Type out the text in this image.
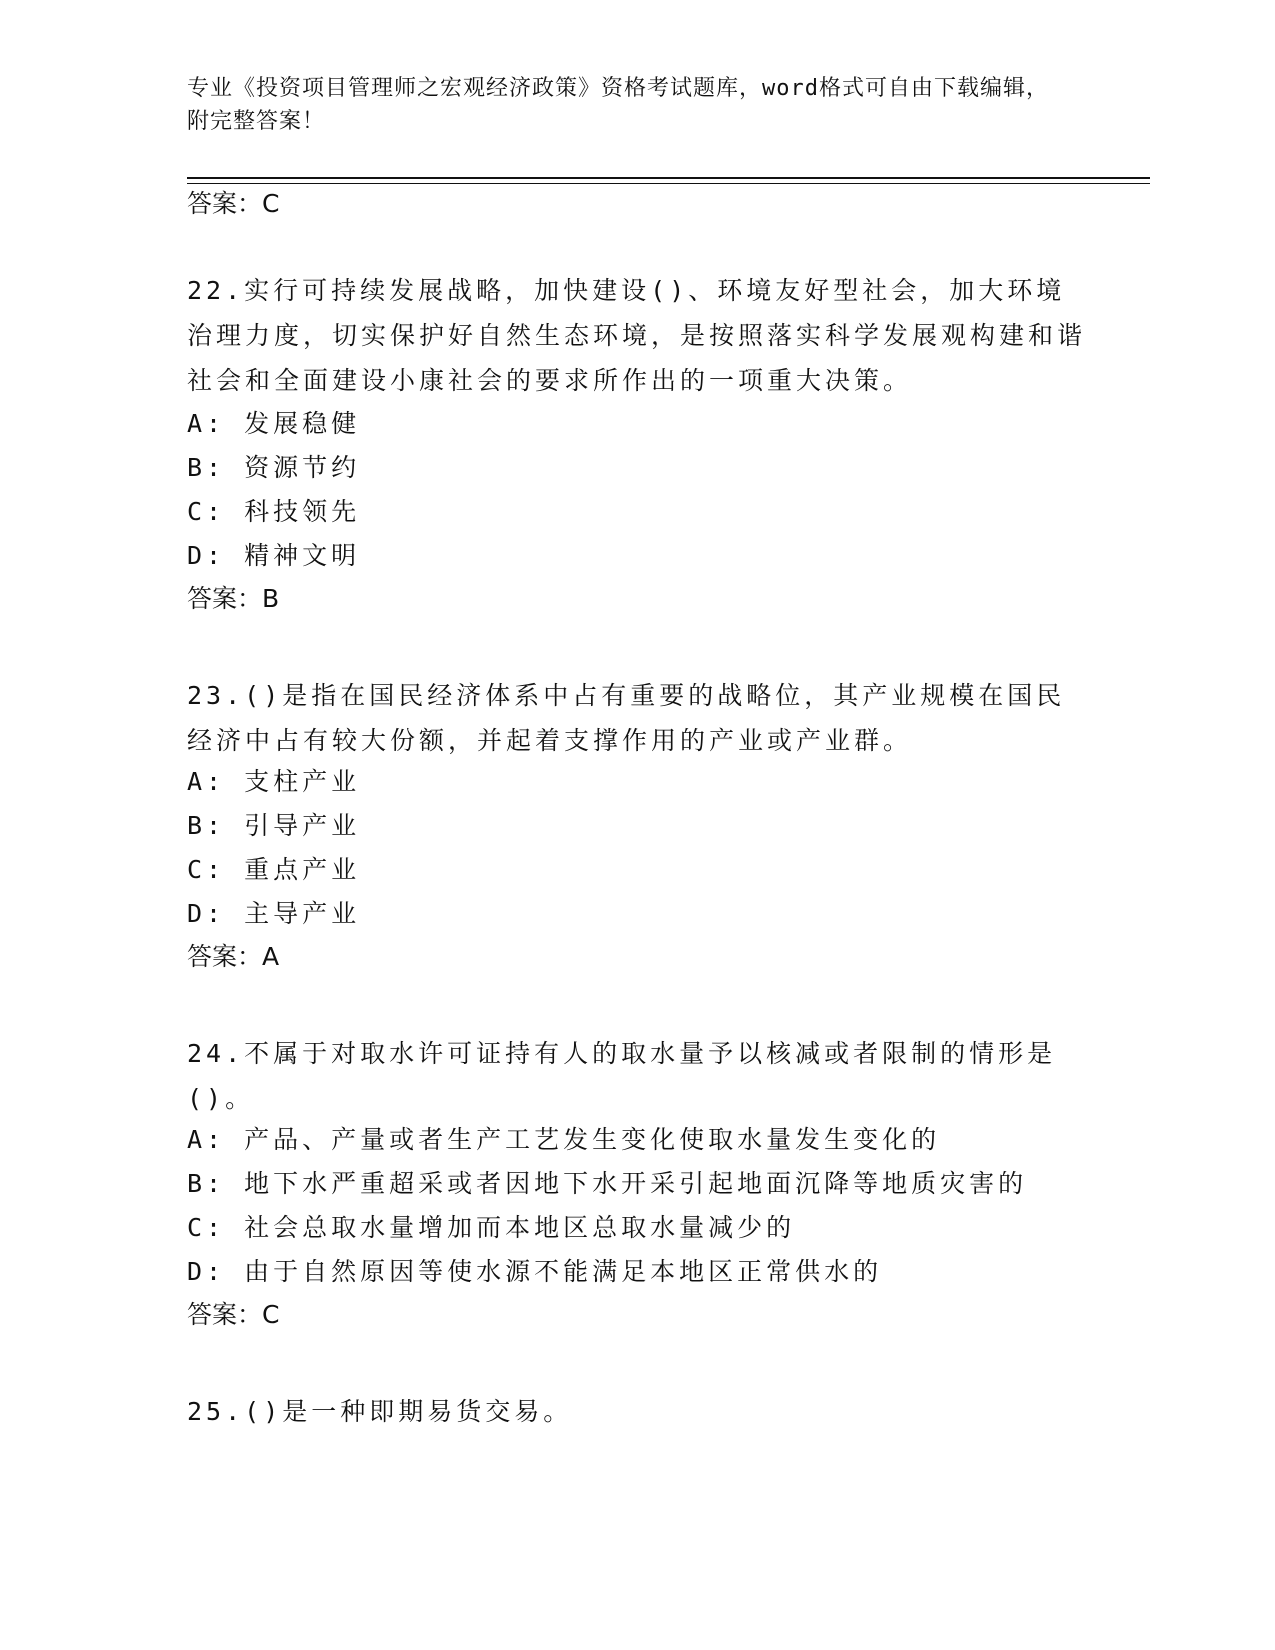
专业《投资项目管理师之宏观经济政策》资格考试题库，word格式可自由下载编辑，附完整答案！
答案：C
22.实行可持续发展战略，加快建设()、环境友好型社会，加大环境治理力度，切实保护好自然生态环境，是按照落实科学发展观构建和谐社会和全面建设小康社会的要求所作出的一项重大决策。
A: 发展稳健
B: 资源节约
C: 科技领先
D: 精神文明
答案：B
23.()是指在国民经济体系中占有重要的战略位，其产业规模在国民经济中占有较大份额，并起着支撑作用的产业或产业群。
A: 支柱产业
B: 引导产业
C: 重点产业
D: 主导产业
答案：A
24.不属于对取水许可证持有人的取水量予以核减或者限制的情形是()。
A: 产品、产量或者生产工艺发生变化使取水量发生变化的
B: 地下水严重超采或者因地下水开采引起地面沉降等地质灾害的
C: 社会总取水量增加而本地区总取水量减少的
D: 由于自然原因等使水源不能满足本地区正常供水的
答案：C
25.()是一种即期易货交易。
